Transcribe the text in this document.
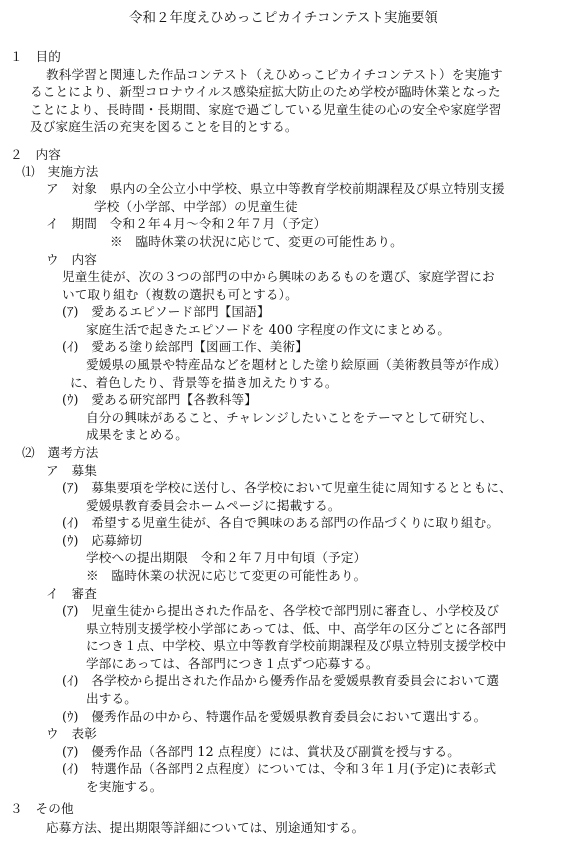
令和２年度えひめっこピカイチコンテスト実施要領
１　目的
教科学習と関連した作品コンテスト（えひめっこピカイチコンテスト）を実施す
ることにより、新型コロナウイルス感染症拡大防止のため学校が臨時休業となった
ことにより、長時間・長期間、家庭で過ごしている児童生徒の心の安全や家庭学習
及び家庭生活の充実を図ることを目的とする。
２　内容
⑴　実施方法
ア　対象　県内の全公立小中学校、県立中等教育学校前期課程及び県立特別支援
学校（小学部、中学部）の児童生徒
イ　期間　令和２年４月～令和２年７月（予定）
※　臨時休業の状況に応じて、変更の可能性あり。
ウ　内容
児童生徒が、次の３つの部門の中から興味のあるものを選び、家庭学習にお
いて取り組む（複数の選択も可とする）。
(ｱ)　愛あるエピソード部門【国語】
家庭生活で起きたエピソードを 400 字程度の作文にまとめる。
(ｲ)　愛ある塗り絵部門【図画工作、美術】
愛媛県の風景や特産品などを題材とした塗り絵原画（美術教員等が作成）
に、着色したり、背景等を描き加えたりする。
(ｳ)　愛ある研究部門【各教科等】
自分の興味があること、チャレンジしたいことをテーマとして研究し、
成果をまとめる。
⑵　選考方法
ア　募集
(ｱ)　募集要項を学校に送付し、各学校において児童生徒に周知するとともに、
愛媛県教育委員会ホームページに掲載する。
(ｲ)　希望する児童生徒が、各自で興味のある部門の作品づくりに取り組む。
(ｳ)　応募締切
学校への提出期限　令和２年７月中旬頃（予定）
※　臨時休業の状況に応じて変更の可能性あり。
イ　審査
(ｱ)　児童生徒から提出された作品を、各学校で部門別に審査し、小学校及び
県立特別支援学校小学部にあっては、低、中、高学年の区分ごとに各部門
につき１点、中学校、県立中等教育学校前期課程及び県立特別支援学校中
学部にあっては、各部門につき１点ずつ応募する。
(ｲ)　各学校から提出された作品から優秀作品を愛媛県教育委員会において選
出する。
(ｳ)　優秀作品の中から、特選作品を愛媛県教育委員会において選出する。
ウ　表彰
(ｱ)　優秀作品（各部門 12 点程度）には、賞状及び副賞を授与する。
(ｲ)　特選作品（各部門２点程度）については、令和３年１月(予定)に表彰式
を実施する。
３　その他
応募方法、提出期限等詳細については、別途通知する。
